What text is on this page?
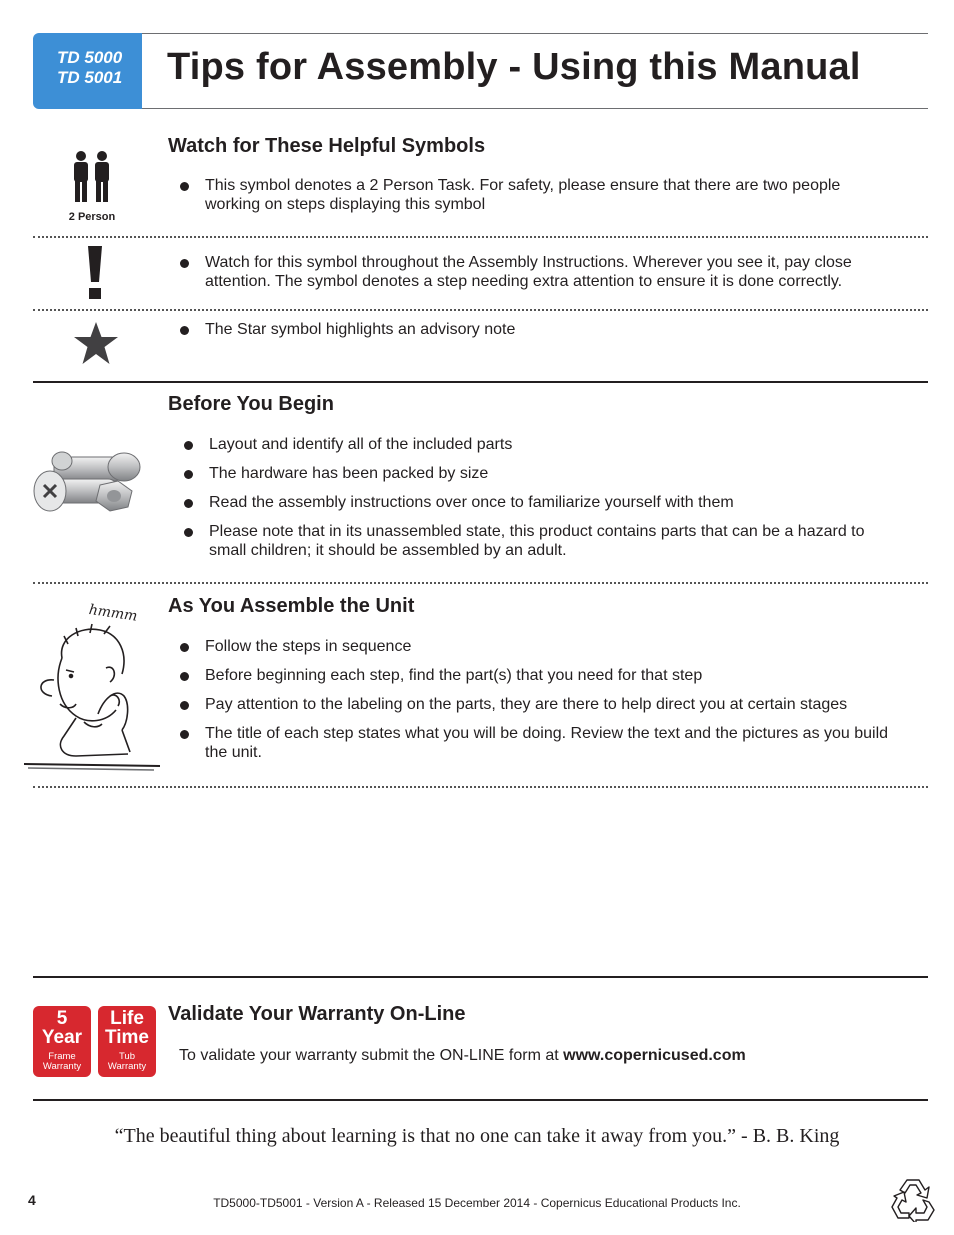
TD 5000
TD 5001	Tips for Assembly - Using this Manual
Watch for These Helpful Symbols
2 Person
This symbol denotes a 2 Person Task. For safety, please ensure that there are two people working on steps displaying this symbol
Watch for this symbol throughout the Assembly Instructions. Wherever you see it, pay close attention. The symbol denotes a step needing extra attention to ensure it is done correctly.
The Star symbol highlights an advisory note
Before You Begin
Layout and identify all of the included parts
The hardware has been packed by size
Read the assembly instructions over once to familiarize yourself with them
Please note that in its unassembled state, this product contains parts that can be a hazard to small children; it should be assembled by an adult.
As You Assemble the Unit
hmmm
Follow the steps in sequence
Before beginning each step, find the part(s) that you need for that step
Pay attention to the labeling on the parts, they are there to help direct you at certain stages
The title of each step states what you will be doing. Review the text and the pictures as you build the unit.
5
Year
Frame
Warranty
Life
Time
Tub
Warranty
Validate Your Warranty On-Line
To validate your warranty submit the ON-LINE form at www.copernicused.com
“The beautiful thing about learning is that no one can take it away from you.” - B. B. King
4	TD5000-TD5001 - Version A - Released 15 December 2014 - Copernicus Educational Products Inc.
